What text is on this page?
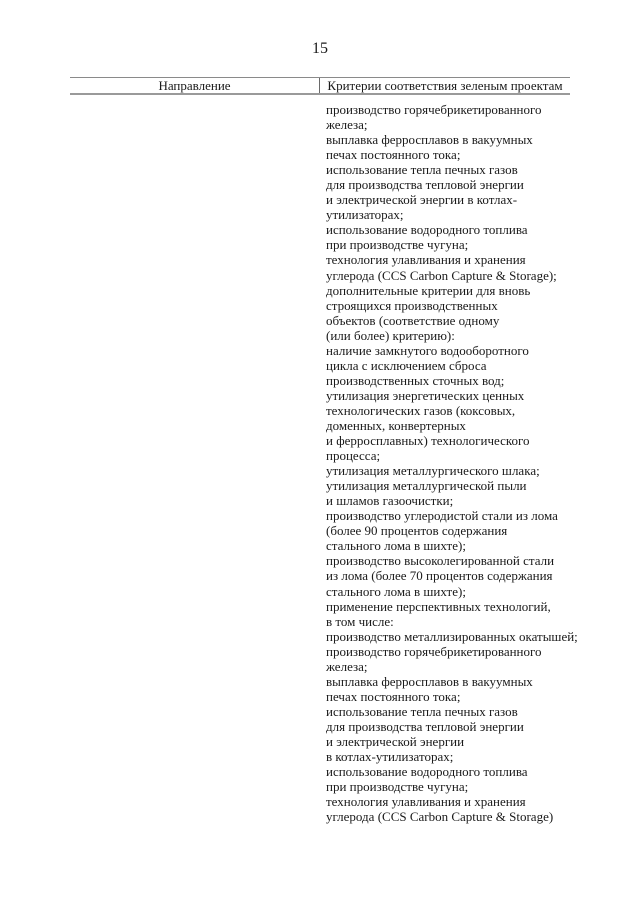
15
Направление	Критерии соответствия зеленым проектам
производство горячебрикетированного
железа;
выплавка ферросплавов в вакуумных
печах постоянного тока;
использование тепла печных газов
для производства тепловой энергии
и электрической энергии в котлах-
утилизаторах;
использование водородного топлива
при производстве чугуна;
технология улавливания и хранения
углерода (CCS Carbon Capture & Storage);
дополнительные критерии для вновь
строящихся производственных
объектов (соответствие одному
(или более) критерию):
наличие замкнутого водооборотного
цикла с исключением сброса
производственных сточных вод;
утилизация энергетических ценных
технологических газов (коксовых,
доменных, конвертерных
и ферросплавных) технологического
процесса;
утилизация металлургического шлака;
утилизация металлургической пыли
и шламов газоочистки;
производство углеродистой стали из лома
(более 90 процентов содержания
стального лома в шихте);
производство высоколегированной стали
из лома (более 70 процентов содержания
стального лома в шихте);
применение перспективных технологий,
в том числе:
производство металлизированных окатышей;
производство горячебрикетированного
железа;
выплавка ферросплавов в вакуумных
печах постоянного тока;
использование тепла печных газов
для производства тепловой энергии
и электрической энергии
в котлах-утилизаторах;
использование водородного топлива
при производстве чугуна;
технология улавливания и хранения
углерода (CCS Carbon Capture & Storage)
